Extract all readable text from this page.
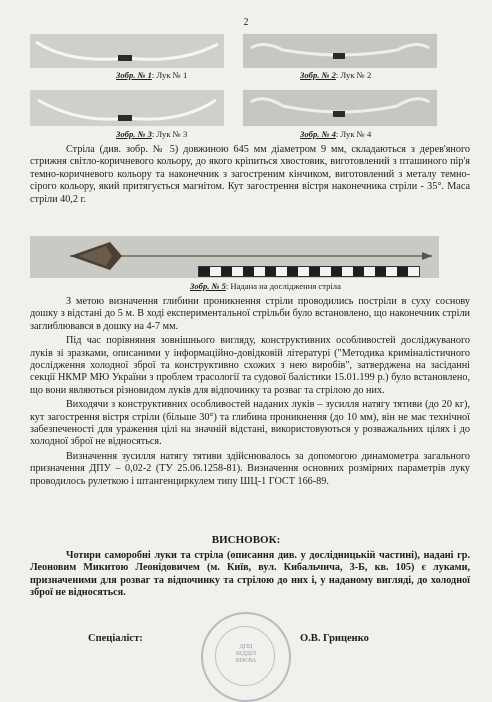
2
Зобр. № 1: Лук № 1	Зобр. № 2: Лук № 2
Зобр. № 3: Лук № 3	Зобр. № 4: Лук № 4

Стріла (див. зобр. № 5) довжиною 645 мм діаметром 9 мм, складаються з дерев'яного стрижня світло-коричневого кольору, до якого кріпиться хвостовик, виготовлений з пташиного пір'я темно-коричневого кольору та наконечник з загостреним кінчиком, виготовлений з металу темно-сірого кольору, який притягується магнітом. Кут загострення вістря наконечника стріли - 35°. Маса стріли 40,2 г.

Зобр. № 5: Надана на дослідження стріла

З метою визначення глибини проникнення стріли проводились постріли в суху соснову дошку з відстані до 5 м. В ході експериментальної стрільби було встановлено, що наконечник стріли заглиблювався в дошку на 4-7 мм.

Під час порівняння зовнішнього вигляду, конструктивних особливостей досліджуваного луків зі зразками, описаними у інформаційно-довідковій літературі ("Методика криміналістичного дослідження холодної зброї та конструктивно схожих з нею виробів", затверджена на засіданні секції НКМР МЮ України з проблем трасології та судової балістики 15.01.199 р.) було встановлено, що вони являються різновидом луків для відпочинку та розваг та стрілою до них.

Виходячи з конструктивних особливостей наданих луків – зусилля натягу тятиви (до 20 кг), кут загострення вістря стріли (більше 30°) та глибина проникнення (до 10 мм), він не має технічної забезпеченості для ураження цілі на значній відстані, використовуються у розважальних цілях і до холодної зброї не відносяться.

Визначення зусилля натягу тятиви здійснювалось за допомогою динамометра загального призначення ДПУ – 0,02-2 (ТУ 25.06.1258-81). Визначення основних розмірних параметрів луку проводилось рулеткою і штангенциркулем типу ШЦ-1 ГОСТ 166-89.

ВИСНОВОК:

Чотири саморобні луки та стріла (описання див. у дослідницькій частині), надані гр. Леоновим Микитою Леонідовичем (м. Київ, вул. Кибальчича, 3-Б, кв. 105) є луками, призначеними для розваг та відпочинку та стрілою до них і, у наданому вигляді, до холодної зброї не відносяться.

ДПЦ
ВІДДІЛ
КИЄВА
Спеціаліст:	О.В. Гриценко
